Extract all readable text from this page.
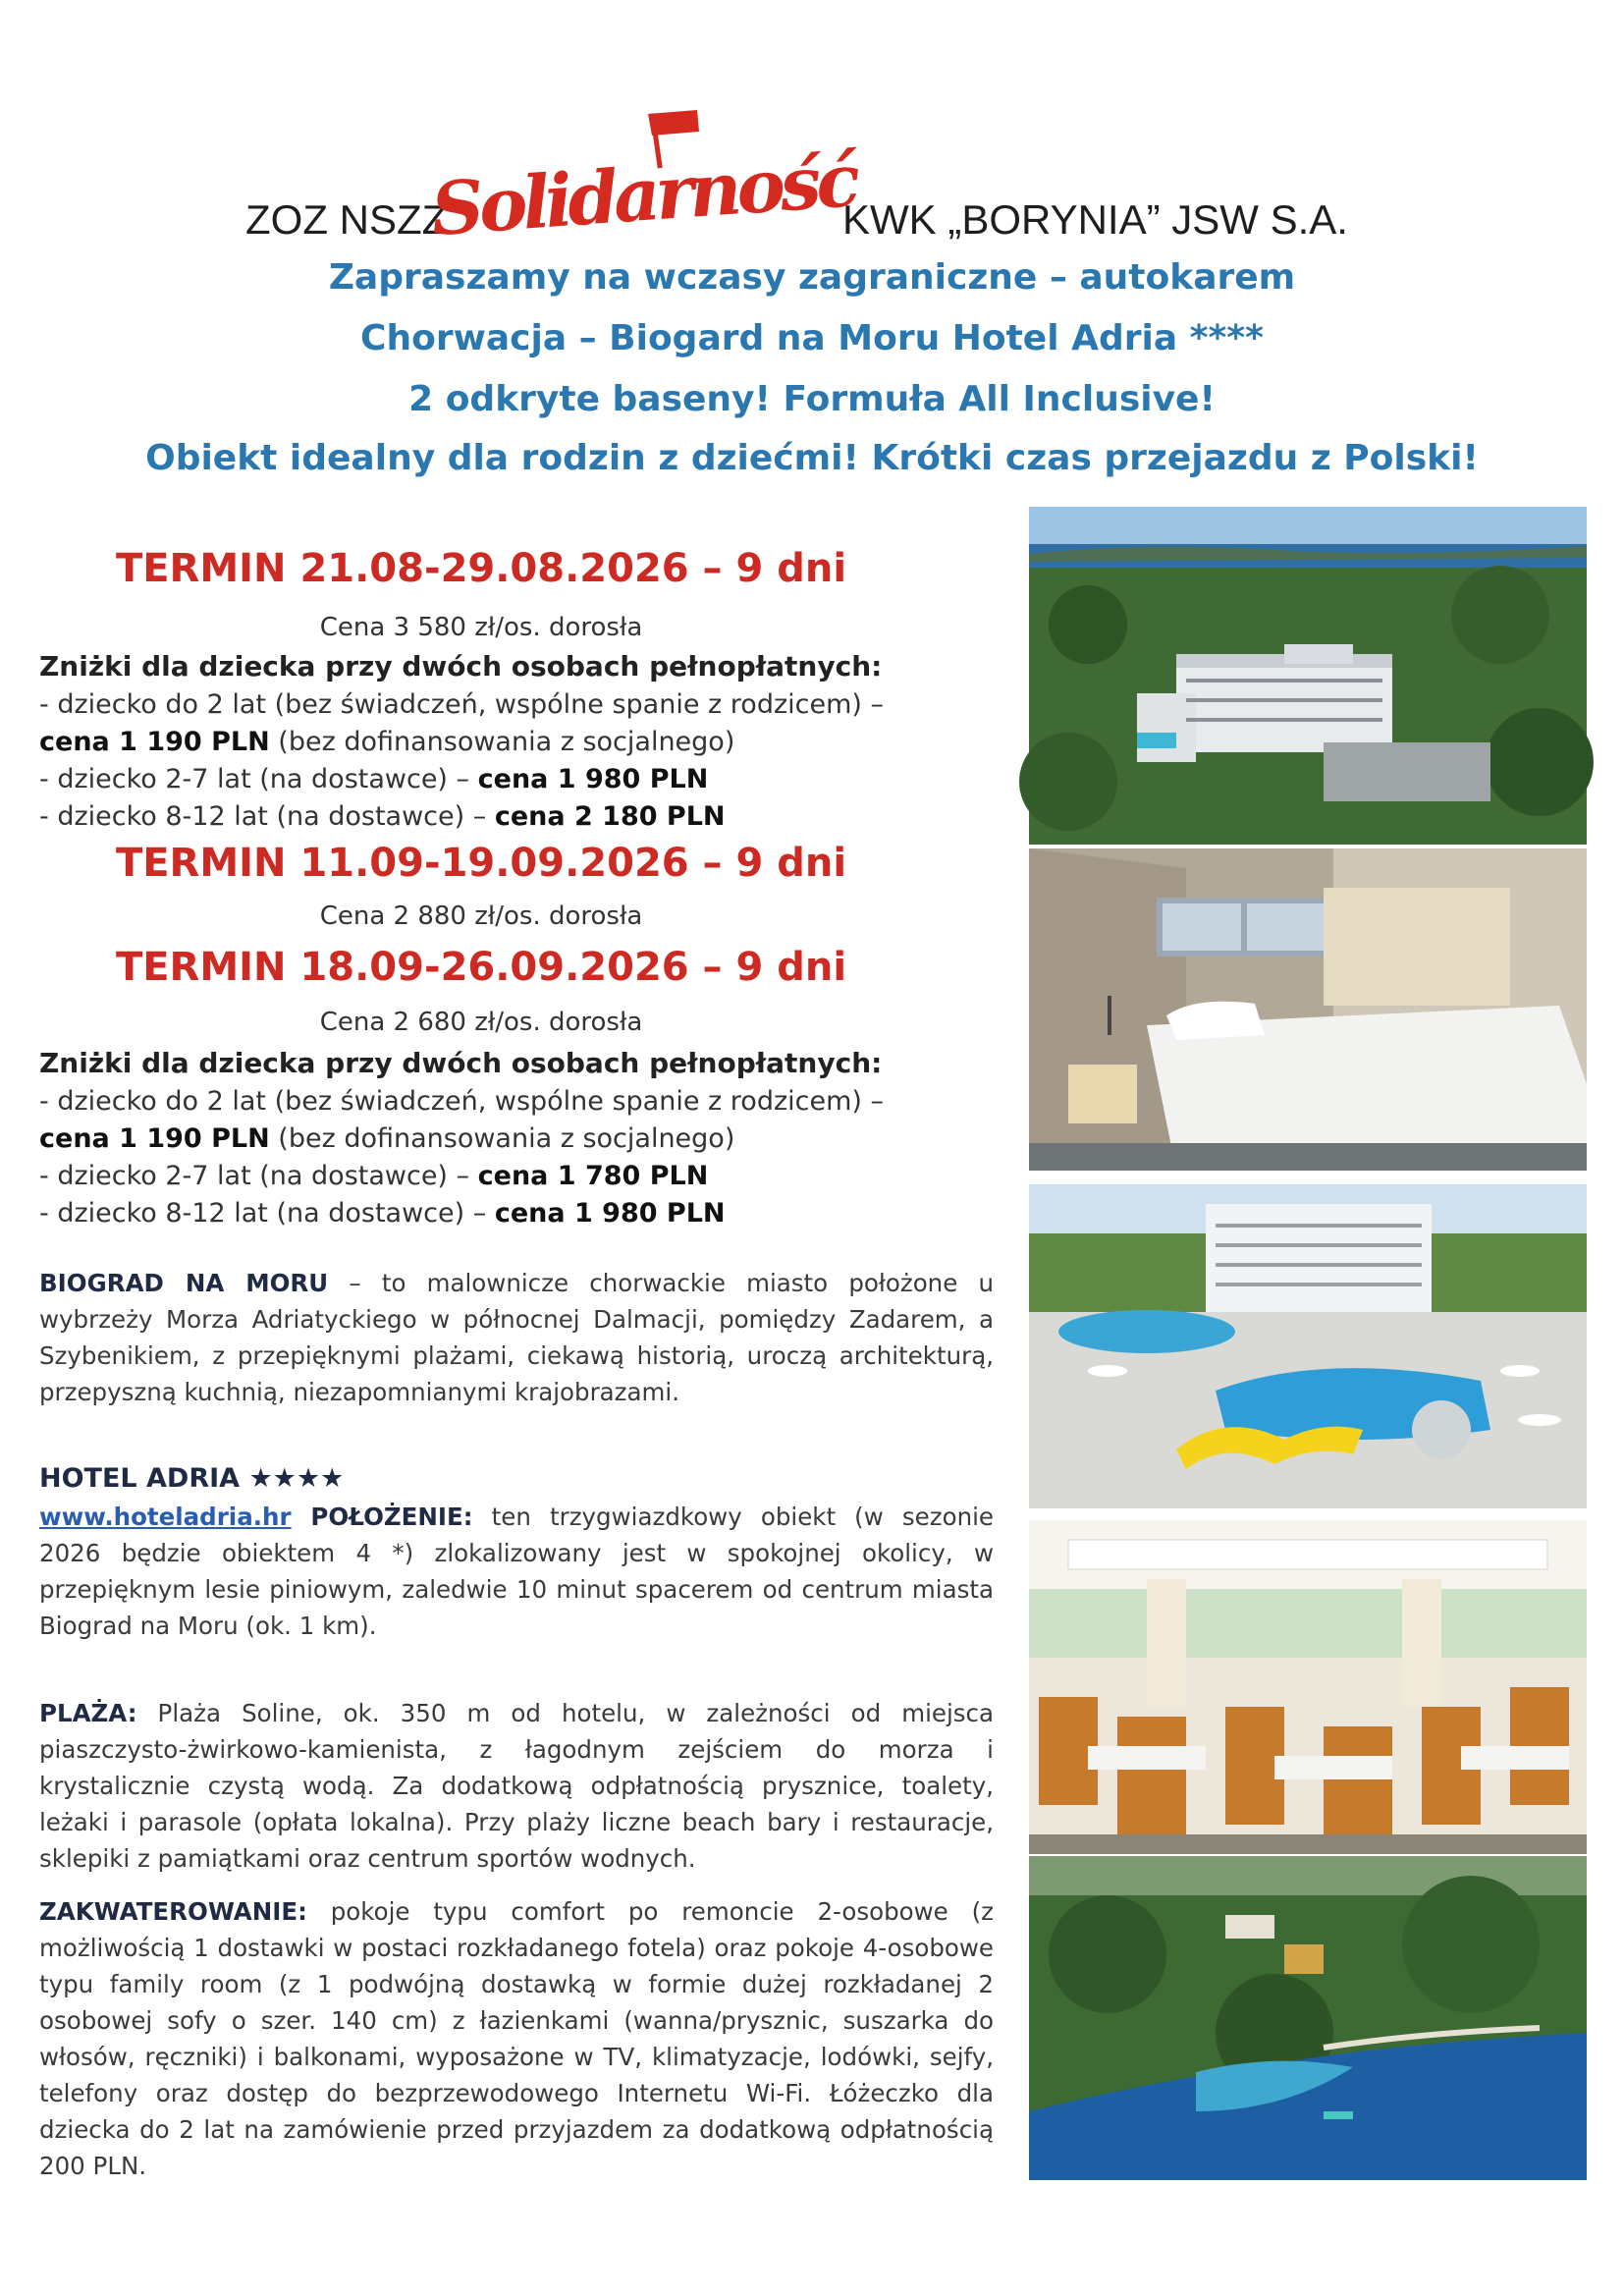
ZOZ NSZZ
Solidarność
KWK „BORYNIA” JSW S.A.
Zapraszamy na wczasy zagraniczne – autokarem
Chorwacja – Biogard na Moru Hotel Adria ****
2 odkryte baseny! Formuła All Inclusive!
Obiekt idealny dla rodzin z dziećmi! Krótki czas przejazdu z Polski!
TERMIN 21.08-29.08.2026 – 9 dni
Cena 3 580 zł/os. dorosła
Zniżki dla dziecka przy dwóch osobach pełnopłatnych:
- dziecko do 2 lat (bez świadczeń, wspólne spanie z rodzicem) –
cena 1 190 PLN (bez dofinansowania z socjalnego)
- dziecko 2-7 lat (na dostawce) – cena 1 980 PLN
- dziecko 8-12 lat (na dostawce) – cena 2 180 PLN
TERMIN 11.09-19.09.2026 – 9 dni
Cena 2 880 zł/os. dorosła
TERMIN 18.09-26.09.2026 – 9 dni
Cena 2 680 zł/os. dorosła
Zniżki dla dziecka przy dwóch osobach pełnopłatnych:
- dziecko do 2 lat (bez świadczeń, wspólne spanie z rodzicem) –
cena 1 190 PLN (bez dofinansowania z socjalnego)
- dziecko 2-7 lat (na dostawce) – cena 1 780 PLN
- dziecko 8-12 lat (na dostawce) – cena 1 980 PLN

BIOGRAD NA MORU – to malownicze chorwackie miasto położone u wybrzeży Morza Adriatyckiego w północnej Dalmacji, pomiędzy Zadarem, a Szybenikiem, z przepięknymi plażami, ciekawą historią, uroczą architekturą, przepyszną kuchnią, niezapomnianymi krajobrazami.

HOTEL ADRIA ★★★★

www.hoteladria.hr POŁOŻENIE: ten trzygwiazdkowy obiekt (w sezonie 2026 będzie obiektem 4 *) zlokalizowany jest w spokojnej okolicy, w przepięknym lesie piniowym, zaledwie 10 minut spacerem od centrum miasta Biograd na Moru (ok. 1 km).

PLAŻA: Plaża Soline, ok. 350 m od hotelu, w zależności od miejsca piaszczysto-żwirkowo-kamienista, z łagodnym zejściem do morza i krystalicznie czystą wodą. Za dodatkową odpłatnością prysznice, toalety, leżaki i parasole (opłata lokalna). Przy plaży liczne beach bary i restauracje, sklepiki z pamiątkami oraz centrum sportów wodnych.

ZAKWATEROWANIE: pokoje typu comfort po remoncie 2-osobowe (z możliwością 1 dostawki w postaci rozkładanego fotela) oraz pokoje 4-osobowe typu family room (z 1 podwójną dostawką w formie dużej rozkładanej 2 osobowej sofy o szer. 140 cm) z łazienkami (wanna/prysznic, suszarka do włosów, ręczniki) i balkonami, wyposażone w TV, klimatyzacje, lodówki, sejfy, telefony oraz dostęp do bezprzewodowego Internetu Wi-Fi. Łóżeczko dla dziecka do 2 lat na zamówienie przed przyjazdem za dodatkową odpłatnością 200 PLN.
